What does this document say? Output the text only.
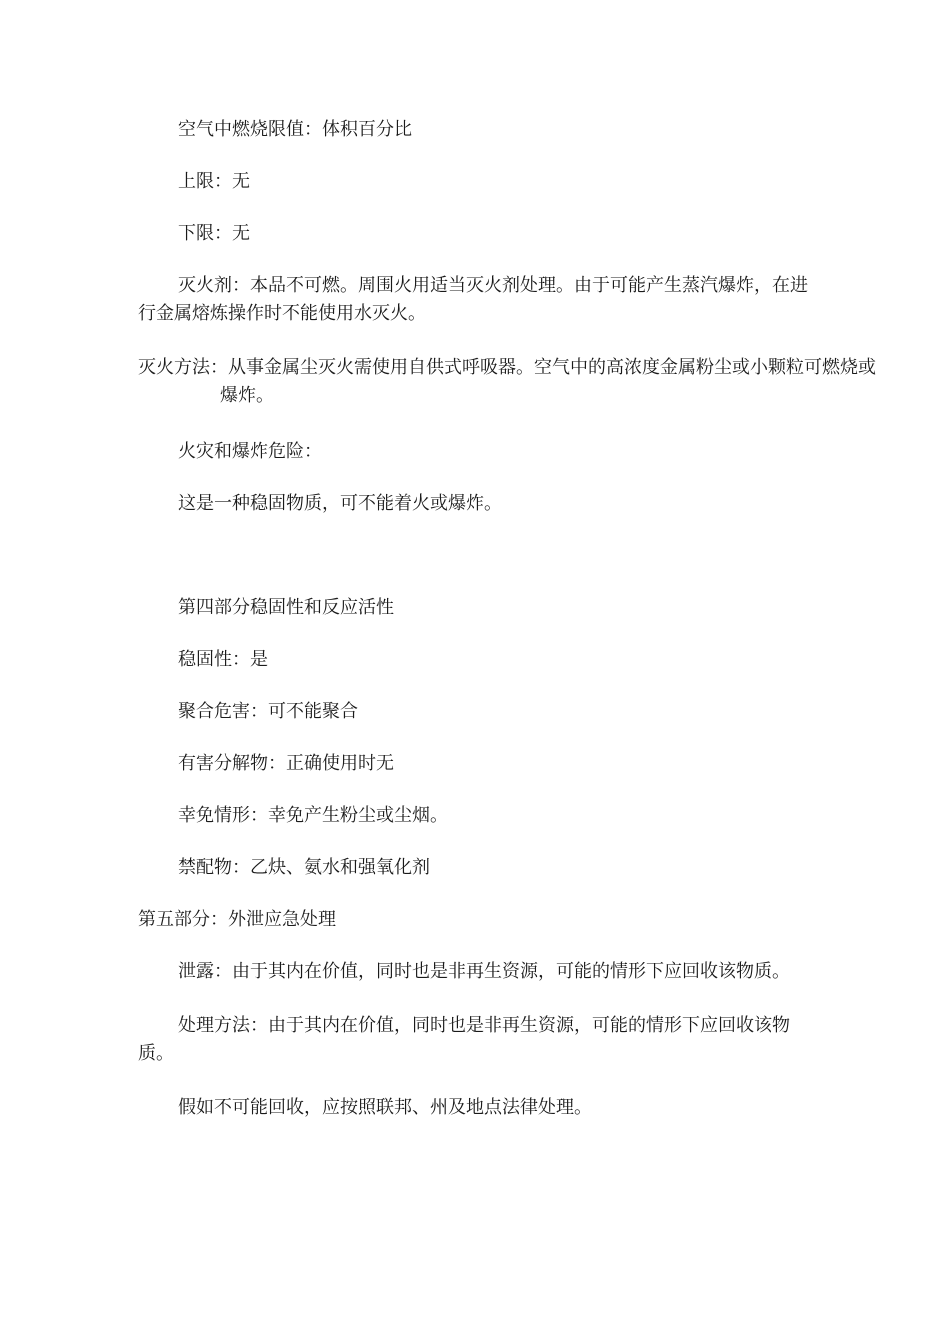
空气中燃烧限值：体积百分比

上限：无

下限：无

灭火剂：本品不可燃。周围火用适当灭火剂处理。由于可能产生蒸汽爆炸，在进行金属熔炼操作时不能使用水灭火。

灭火方法：从事金属尘灭火需使用自供式呼吸器。空气中的高浓度金属粉尘或小颗粒可燃烧或爆炸。

火灾和爆炸危险：

这是一种稳固物质，可不能着火或爆炸。

第四部分稳固性和反应活性

稳固性：是

聚合危害：可不能聚合

有害分解物：正确使用时无

幸免情形：幸免产生粉尘或尘烟。

禁配物：乙炔、氨水和强氧化剂

第五部分：外泄应急处理

泄露：由于其内在价值，同时也是非再生资源，可能的情形下应回收该物质。

处理方法：由于其内在价值，同时也是非再生资源，可能的情形下应回收该物质。

假如不可能回收，应按照联邦、州及地点法律处理。
